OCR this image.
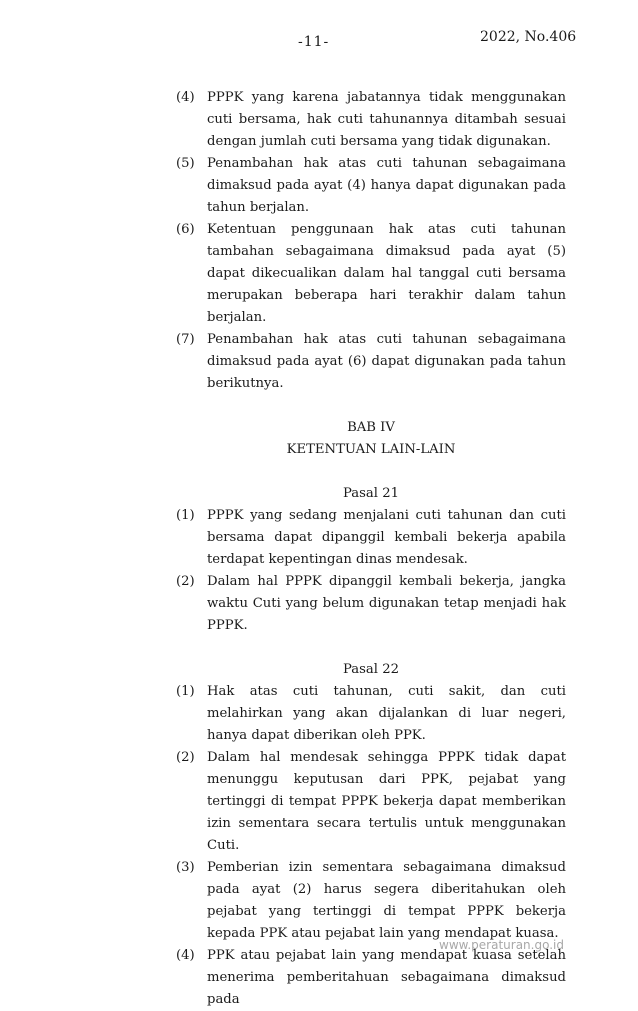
-11-	2022, No.406
(4) PPPK yang karena jabatannya tidak menggunakan cuti bersama, hak cuti tahunannya ditambah sesuai dengan jumlah cuti bersama yang tidak digunakan.
(5) Penambahan hak atas cuti tahunan sebagaimana dimaksud pada ayat (4) hanya dapat digunakan pada tahun berjalan.
(6) Ketentuan penggunaan hak atas cuti tahunan tambahan sebagaimana dimaksud pada ayat (5) dapat dikecualikan dalam hal tanggal cuti bersama merupakan beberapa hari terakhir dalam tahun berjalan.
(7) Penambahan hak atas cuti tahunan sebagaimana dimaksud pada ayat (6) dapat digunakan pada tahun berikutnya.
BAB IV
KETENTUAN LAIN-LAIN
Pasal 21
(1) PPPK yang sedang menjalani cuti tahunan dan cuti bersama dapat dipanggil kembali bekerja apabila terdapat kepentingan dinas mendesak.
(2) Dalam hal PPPK dipanggil kembali bekerja, jangka waktu Cuti yang belum digunakan tetap menjadi hak PPPK.
Pasal 22
(1) Hak atas cuti tahunan, cuti sakit, dan cuti melahirkan yang akan dijalankan di luar negeri, hanya dapat diberikan oleh PPK.
(2) Dalam hal mendesak sehingga PPPK tidak dapat menunggu keputusan dari PPK, pejabat yang tertinggi di tempat PPPK bekerja dapat memberikan izin sementara secara tertulis untuk menggunakan Cuti.
(3) Pemberian izin sementara sebagaimana dimaksud pada ayat (2) harus segera diberitahukan oleh pejabat yang tertinggi di tempat PPPK bekerja kepada PPK atau pejabat lain yang mendapat kuasa.
(4) PPK atau pejabat lain yang mendapat kuasa setelah menerima pemberitahuan sebagaimana dimaksud pada
www.peraturan.go.id
